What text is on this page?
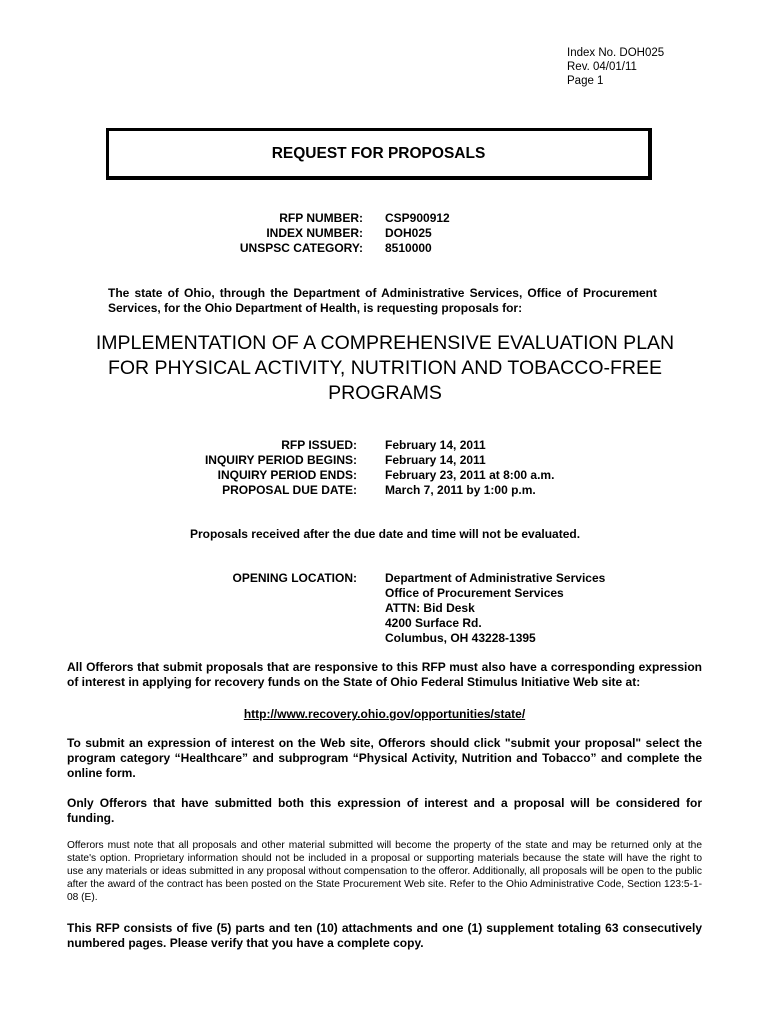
Index No. DOH025
Rev. 04/01/11
Page 1
REQUEST FOR PROPOSALS
RFP NUMBER: CSP900912
INDEX NUMBER: DOH025
UNSPSC CATEGORY: 8510000
The state of Ohio, through the Department of Administrative Services, Office of Procurement Services, for the Ohio Department of Health, is requesting proposals for:
IMPLEMENTATION OF A COMPREHENSIVE EVALUATION PLAN
FOR PHYSICAL ACTIVITY, NUTRITION AND TOBACCO-FREE
PROGRAMS
RFP ISSUED: February 14, 2011
INQUIRY PERIOD BEGINS: February 14, 2011
INQUIRY PERIOD ENDS: February 23, 2011 at 8:00 a.m.
PROPOSAL DUE DATE: March 7, 2011 by 1:00 p.m.
Proposals received after the due date and time will not be evaluated.
OPENING LOCATION: Department of Administrative Services
Office of Procurement Services
ATTN: Bid Desk
4200 Surface Rd.
Columbus, OH 43228-1395
All Offerors that submit proposals that are responsive to this RFP must also have a corresponding expression of interest in applying for recovery funds on the State of Ohio Federal Stimulus Initiative Web site at:
http://www.recovery.ohio.gov/opportunities/state/
To submit an expression of interest on the Web site, Offerors should click "submit your proposal" select the program category “Healthcare” and subprogram “Physical Activity, Nutrition and Tobacco” and complete the online form.
Only Offerors that have submitted both this expression of interest and a proposal will be considered for funding.
Offerors must note that all proposals and other material submitted will become the property of the state and may be returned only at the state's option. Proprietary information should not be included in a proposal or supporting materials because the state will have the right to use any materials or ideas submitted in any proposal without compensation to the offeror. Additionally, all proposals will be open to the public after the award of the contract has been posted on the State Procurement Web site. Refer to the Ohio Administrative Code, Section 123:5-1-08 (E).
This RFP consists of five (5) parts and ten (10) attachments and one (1) supplement totaling 63 consecutively numbered pages. Please verify that you have a complete copy.
